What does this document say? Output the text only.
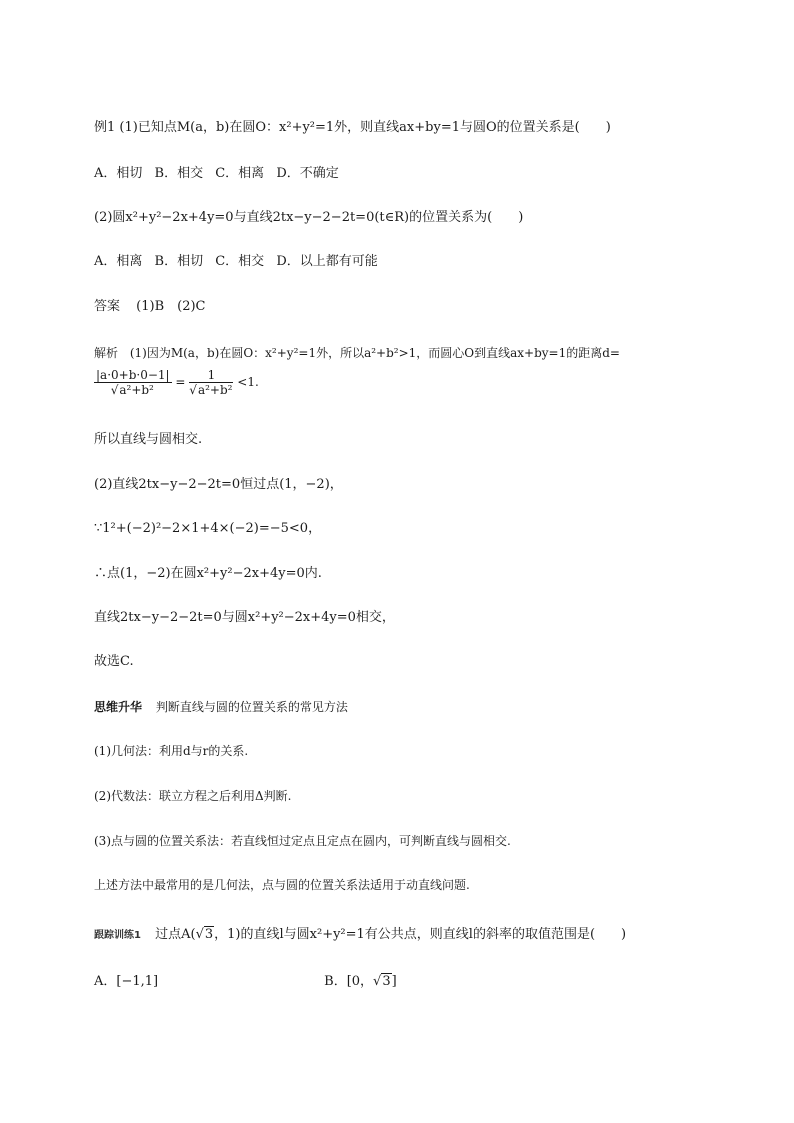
例1 (1)已知点M(a，b)在圆O：x²+y²=1外，则直线ax+by=1与圆O的位置关系是(　　)
A．相切 B．相交 C．相离 D．不确定
(2)圆x²+y²−2x+4y=0与直线2tx−y−2−2t=0(t∈R)的位置关系为(　　)
A．相离 B．相切 C．相交 D．以上都有可能
答案 (1)B　(2)C
解析 (1)因为M(a，b)在圆O：x²+y²=1外，所以a²+b²>1，而圆心O到直线ax+by=1的距离d=
$\frac{|a\cdot 0+b\cdot 0-1|}{\text{√a²+b²}} = \frac{1}{\text{√a²+b²}} <1$.
所以直线与圆相交.
(2)直线2tx−y−2−2t=0恒过点(1，−2)，
∵1²+(−2)²−2×1+4×(−2)=−5<0，
∴点(1，−2)在圆x²+y²−2x+4y=0内.
直线2tx−y−2−2t=0与圆x²+y²−2x+4y=0相交，
故选C.
思维升华 判断直线与圆的位置关系的常见方法
(1)几何法：利用d与r的关系.
(2)代数法：联立方程之后利用Δ判断.
(3)点与圆的位置关系法：若直线恒过定点且定点在圆内，可判断直线与圆相交.
上述方法中最常用的是几何法，点与圆的位置关系法适用于动直线问题.
跟踪训练1 过点A(√3，1)的直线l与圆x²+y²=1有公共点，则直线l的斜率的取值范围是(　　)
A．[−1,1]	B．[0，√3]
